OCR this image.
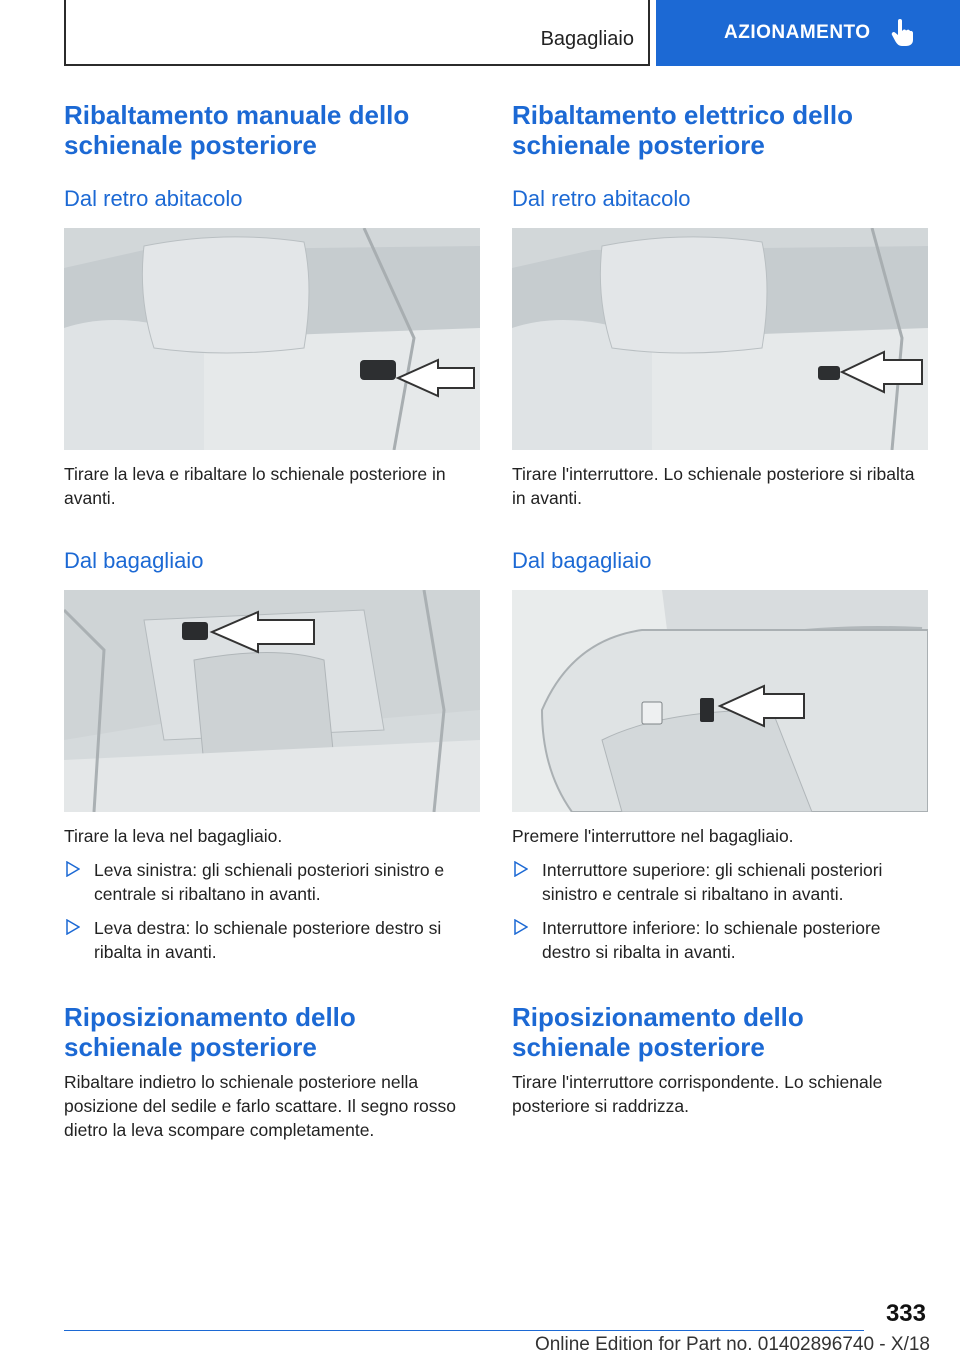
Bagagliaio	AZIONAMENTO
Ribaltamento manuale dello schienale posteriore
Dal retro abitacolo

Tirare la leva e ribaltare lo schienale posteriore in avanti.

Dal bagagliaio

Tirare la leva nel bagagliaio.

Leva sinistra: gli schienali posteriori sinistro e centrale si ribaltano in avanti.
Leva destra: lo schienale posteriore destro si ribalta in avanti.
Riposizionamento dello schienale posteriore

Ribaltare indietro lo schienale posteriore nella posizione del sedile e farlo scattare. Il segno rosso dietro la leva scompare completamente.

Ribaltamento elettrico dello schienale posteriore
Dal retro abitacolo

Tirare l'interruttore. Lo schienale posteriore si ribalta in avanti.

Dal bagagliaio

Premere l'interruttore nel bagagliaio.

Interruttore superiore: gli schienali posteriori sinistro e centrale si ribaltano in avanti.
Interruttore inferiore: lo schienale posteriore destro si ribalta in avanti.
Riposizionamento dello schienale posteriore

Tirare l'interruttore corrispondente. Lo schienale posteriore si raddrizza.

333
Online Edition for Part no. 01402896740 - X/18
